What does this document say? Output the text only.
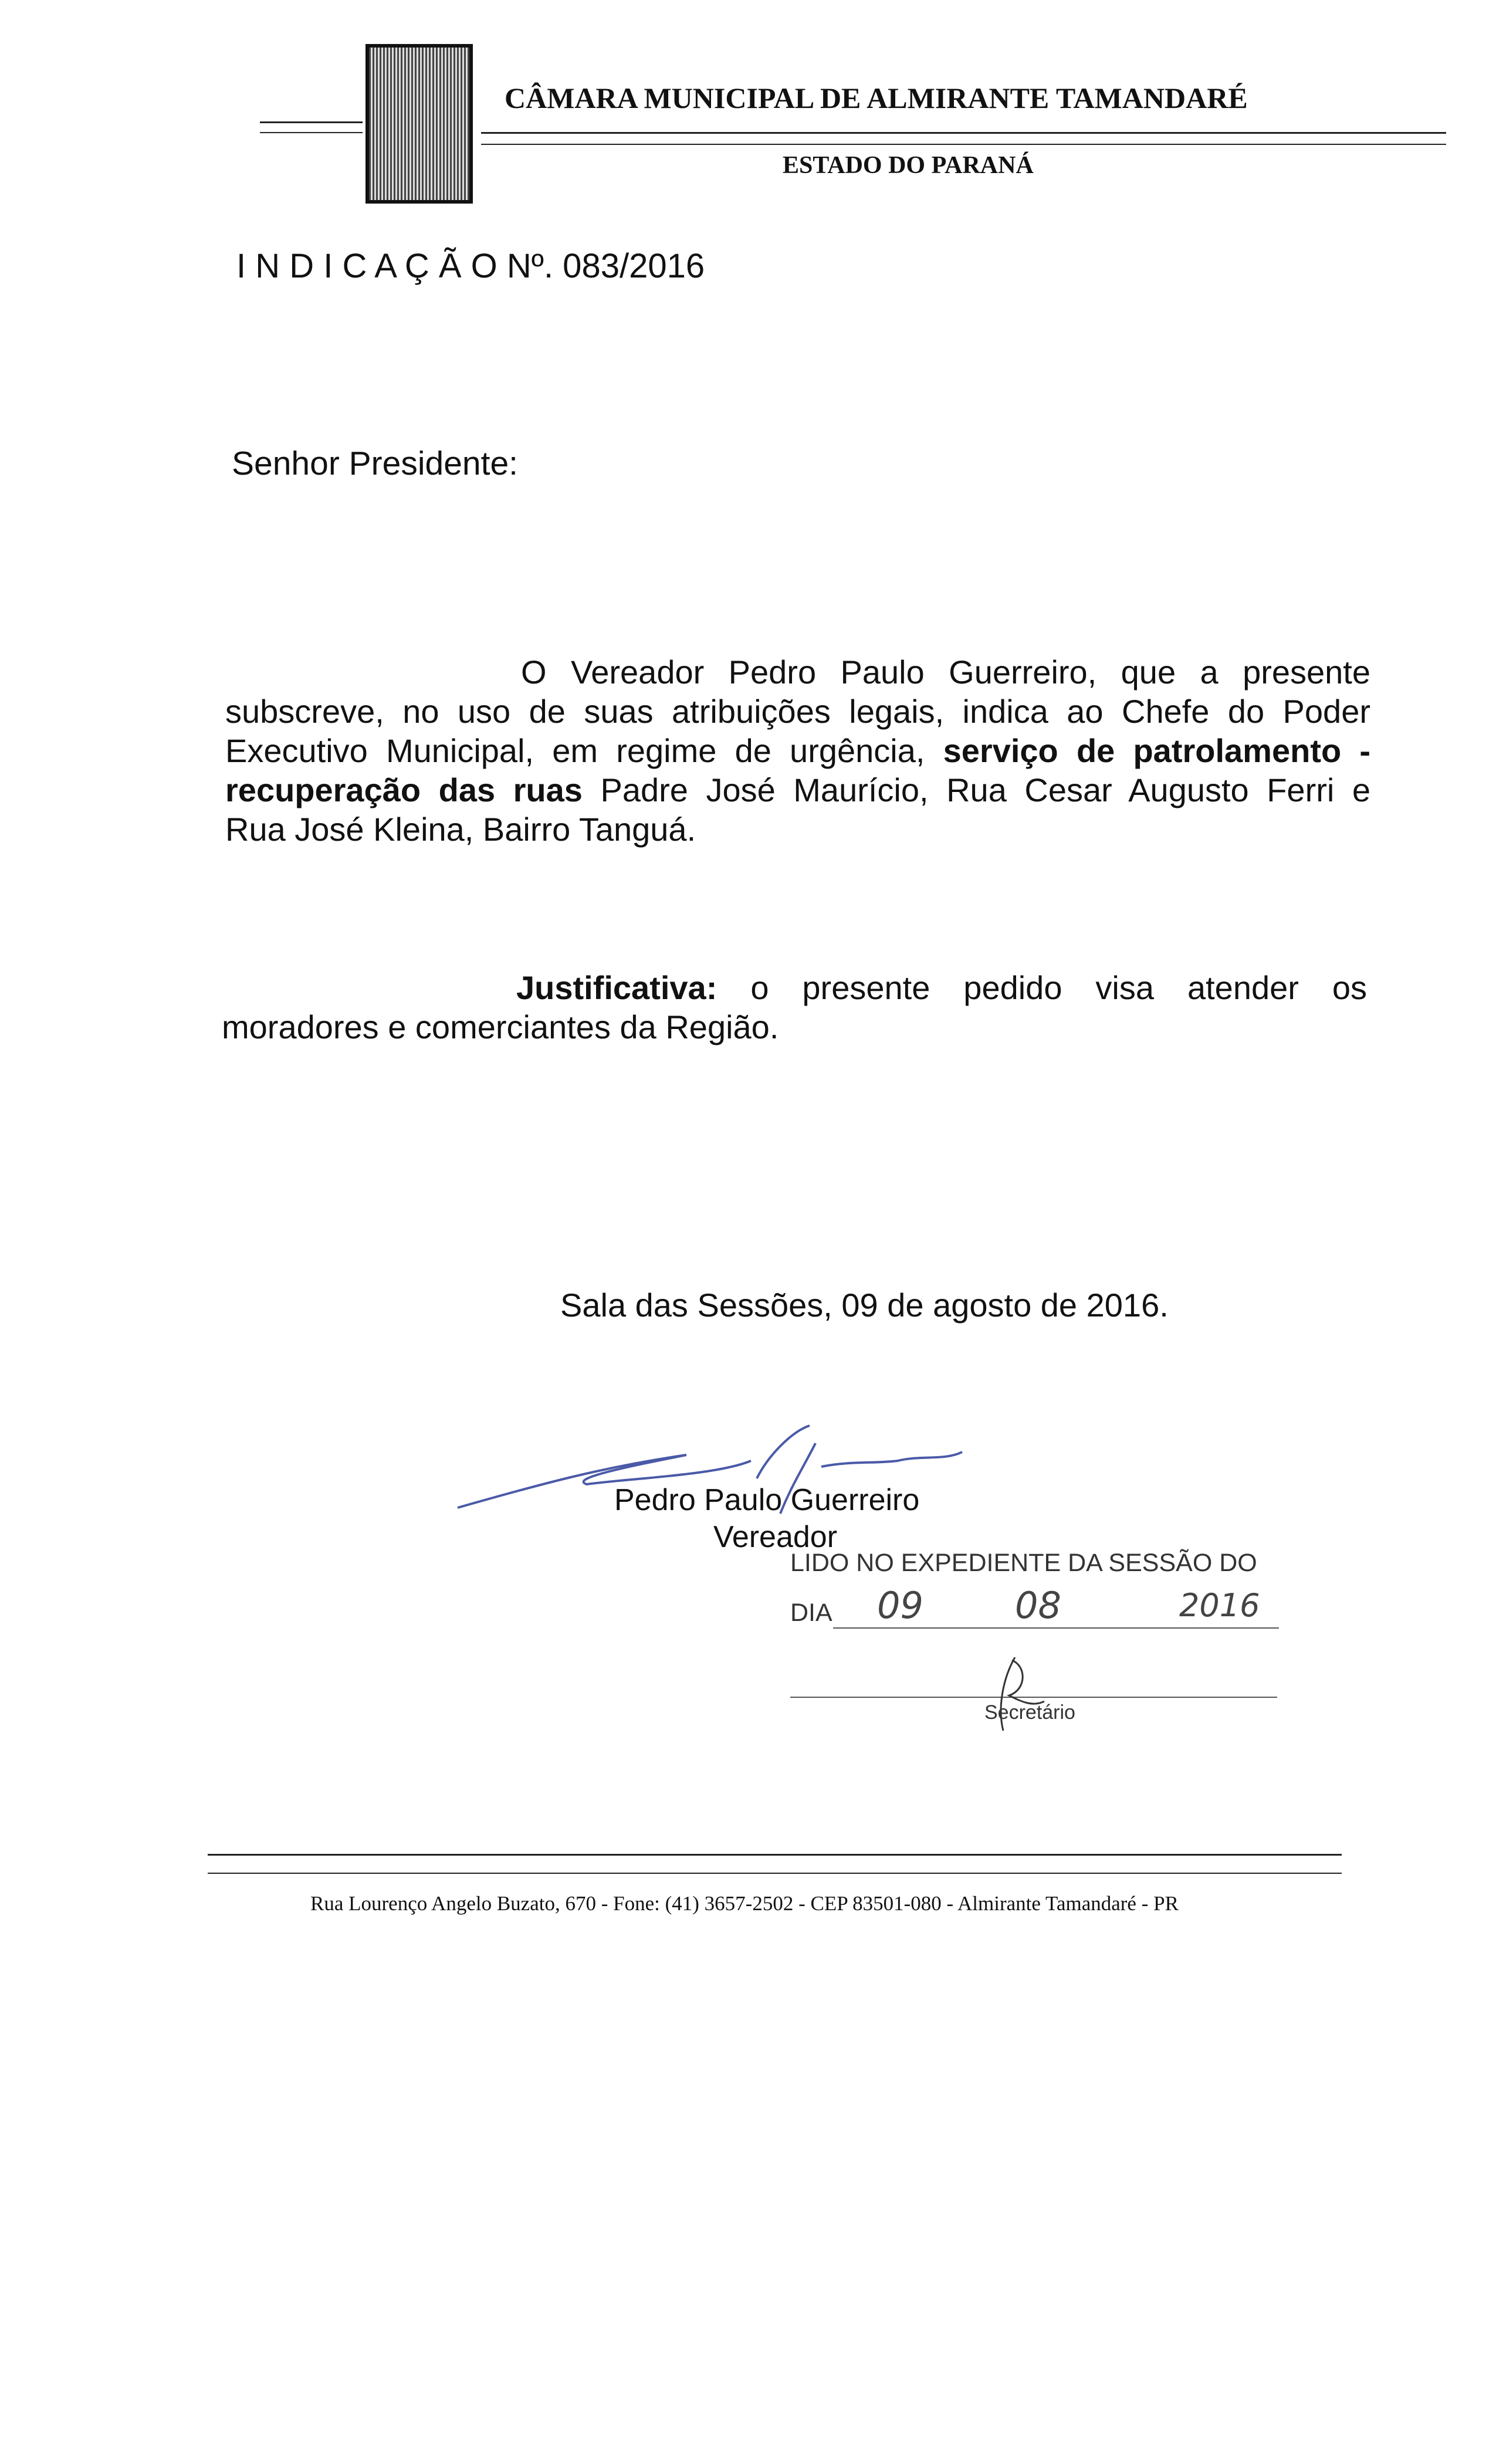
CÂMARA MUNICIPAL DE ALMIRANTE TAMANDARÉ
ESTADO DO PARANÁ
I N D I C A Ç Ã O Nº. 083/2016
Senhor Presidente:
O Vereador Pedro Paulo Guerreiro, que a presente
subscreve, no uso de suas atribuições legais, indica ao Chefe do Poder
Executivo Municipal, em regime de urgência, serviço de patrolamento -
recuperação das ruas Padre José Maurício, Rua Cesar Augusto Ferri e
Rua José Kleina, Bairro Tanguá.
Justificativa: o presente pedido visa atender os
moradores e comerciantes da Região.
Sala das Sessões, 09 de agosto de 2016.
Pedro Paulo Guerreiro
Vereador
LIDO NO EXPEDIENTE DA SESSÃO DO
DIA 09	08	2016
Secretário
Rua Lourenço Angelo Buzato, 670 - Fone: (41) 3657-2502 - CEP 83501-080 - Almirante Tamandaré - PR
